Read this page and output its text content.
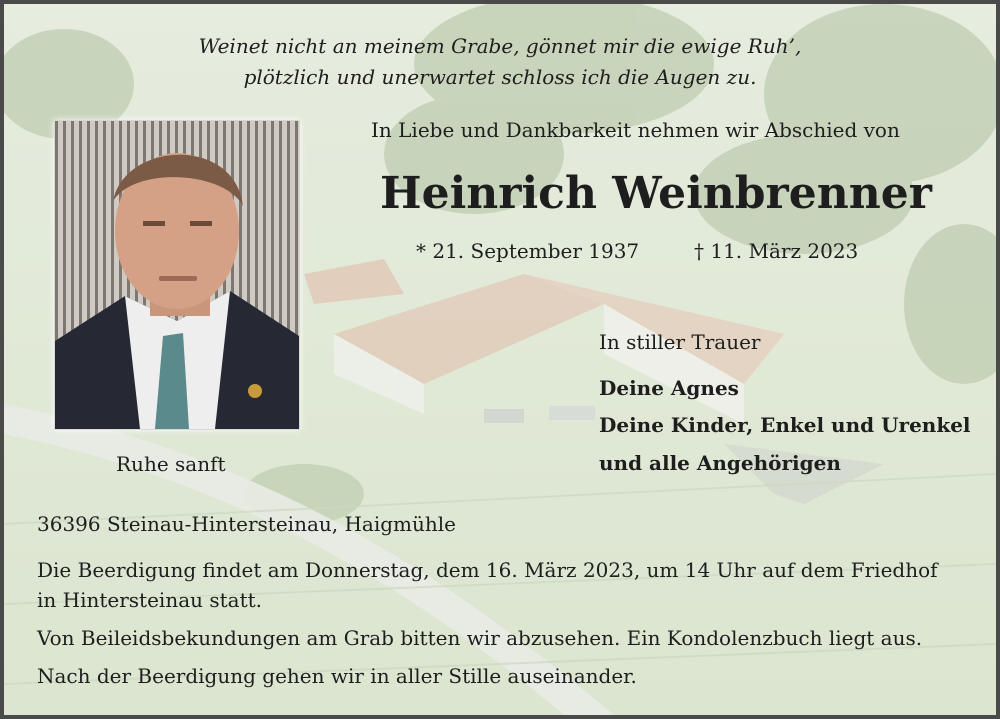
Weinet nicht an meinem Grabe, gönnet mir die ewige Ruh’,
plötzlich und unerwartet schloss ich die Augen zu.
Ruhe sanft
In Liebe und Dankbarkeit nehmen wir Abschied von
Heinrich Weinbrenner
* 21. September 1937	† 11. März 2023
In stiller Trauer
Deine Agnes
Deine Kinder, Enkel und Urenkel
und alle Angehörigen
36396 Steinau-Hintersteinau, Haigmühle
Die Beerdigung findet am Donnerstag, dem 16. März 2023, um 14 Uhr auf dem Friedhof
in Hintersteinau statt.
Von Beileidsbekundungen am Grab bitten wir abzusehen. Ein Kondolenzbuch liegt aus.
Nach der Beerdigung gehen wir in aller Stille auseinander.
